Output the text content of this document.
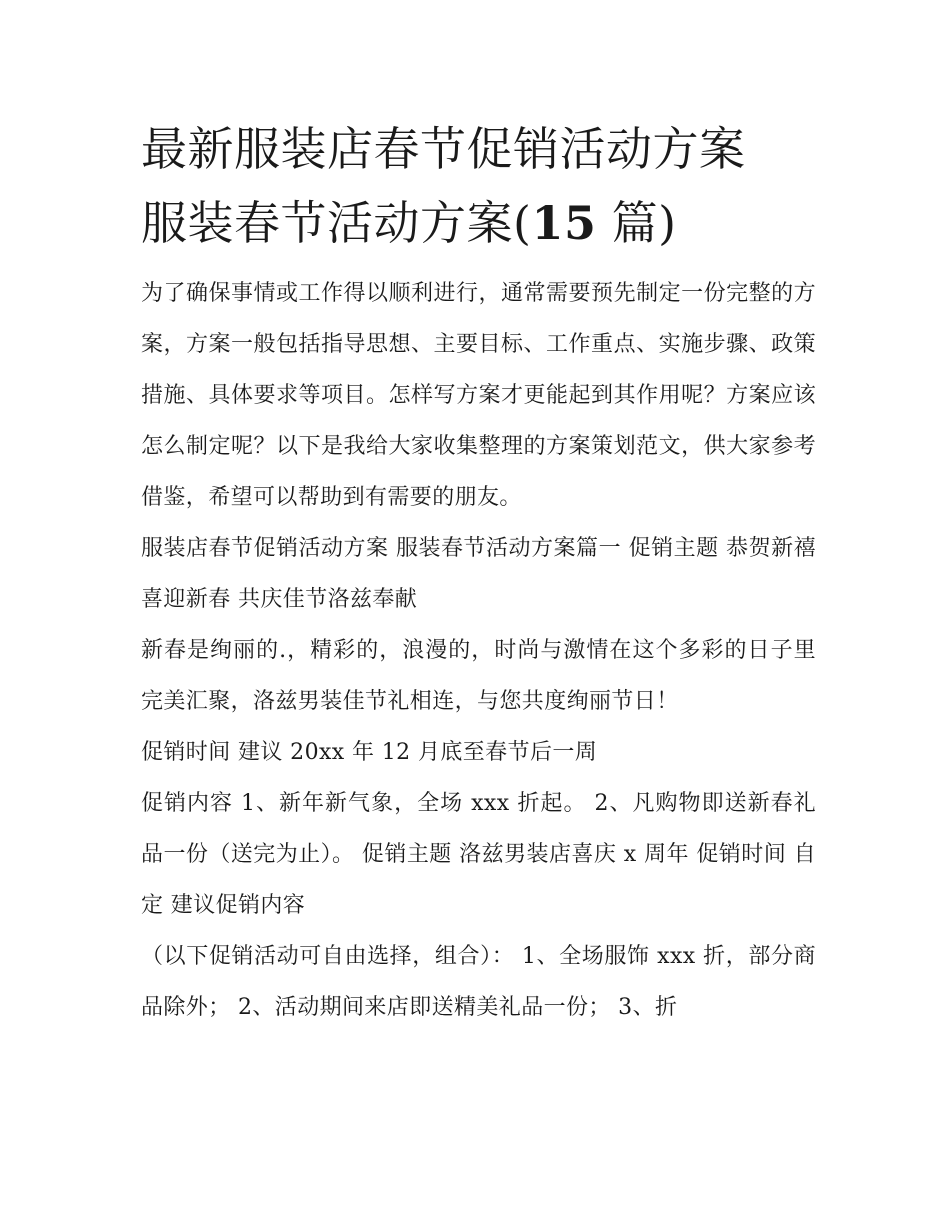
最新服装店春节促销活动方案
服装春节活动方案(15 篇)

为了确保事情或工作得以顺利进行，通常需要预先制定一份完整的方案，方案一般包括指导思想、主要目标、工作重点、实施步骤、政策措施、具体要求等项目。怎样写方案才更能起到其作用呢？方案应该怎么制定呢？以下是我给大家收集整理的方案策划范文，供大家参考借鉴，希望可以帮助到有需要的朋友。

服装店春节促销活动方案 服装春节活动方案篇一 促销主题 恭贺新禧喜迎新春 共庆佳节洛兹奉献

新春是绚丽的.，精彩的，浪漫的，时尚与激情在这个多彩的日子里完美汇聚，洛兹男装佳节礼相连，与您共度绚丽节日！

促销时间 建议 20xx 年 12 月底至春节后一周

促销内容 1、新年新气象，全场 xxx 折起。 2、凡购物即送新春礼品一份（送完为止）。 促销主题 洛兹男装店喜庆 x 周年 促销时间 自定 建议促销内容

（以下促销活动可自由选择，组合）： 1、全场服饰 xxx 折，部分商品除外； 2、活动期间来店即送精美礼品一份； 3、折
